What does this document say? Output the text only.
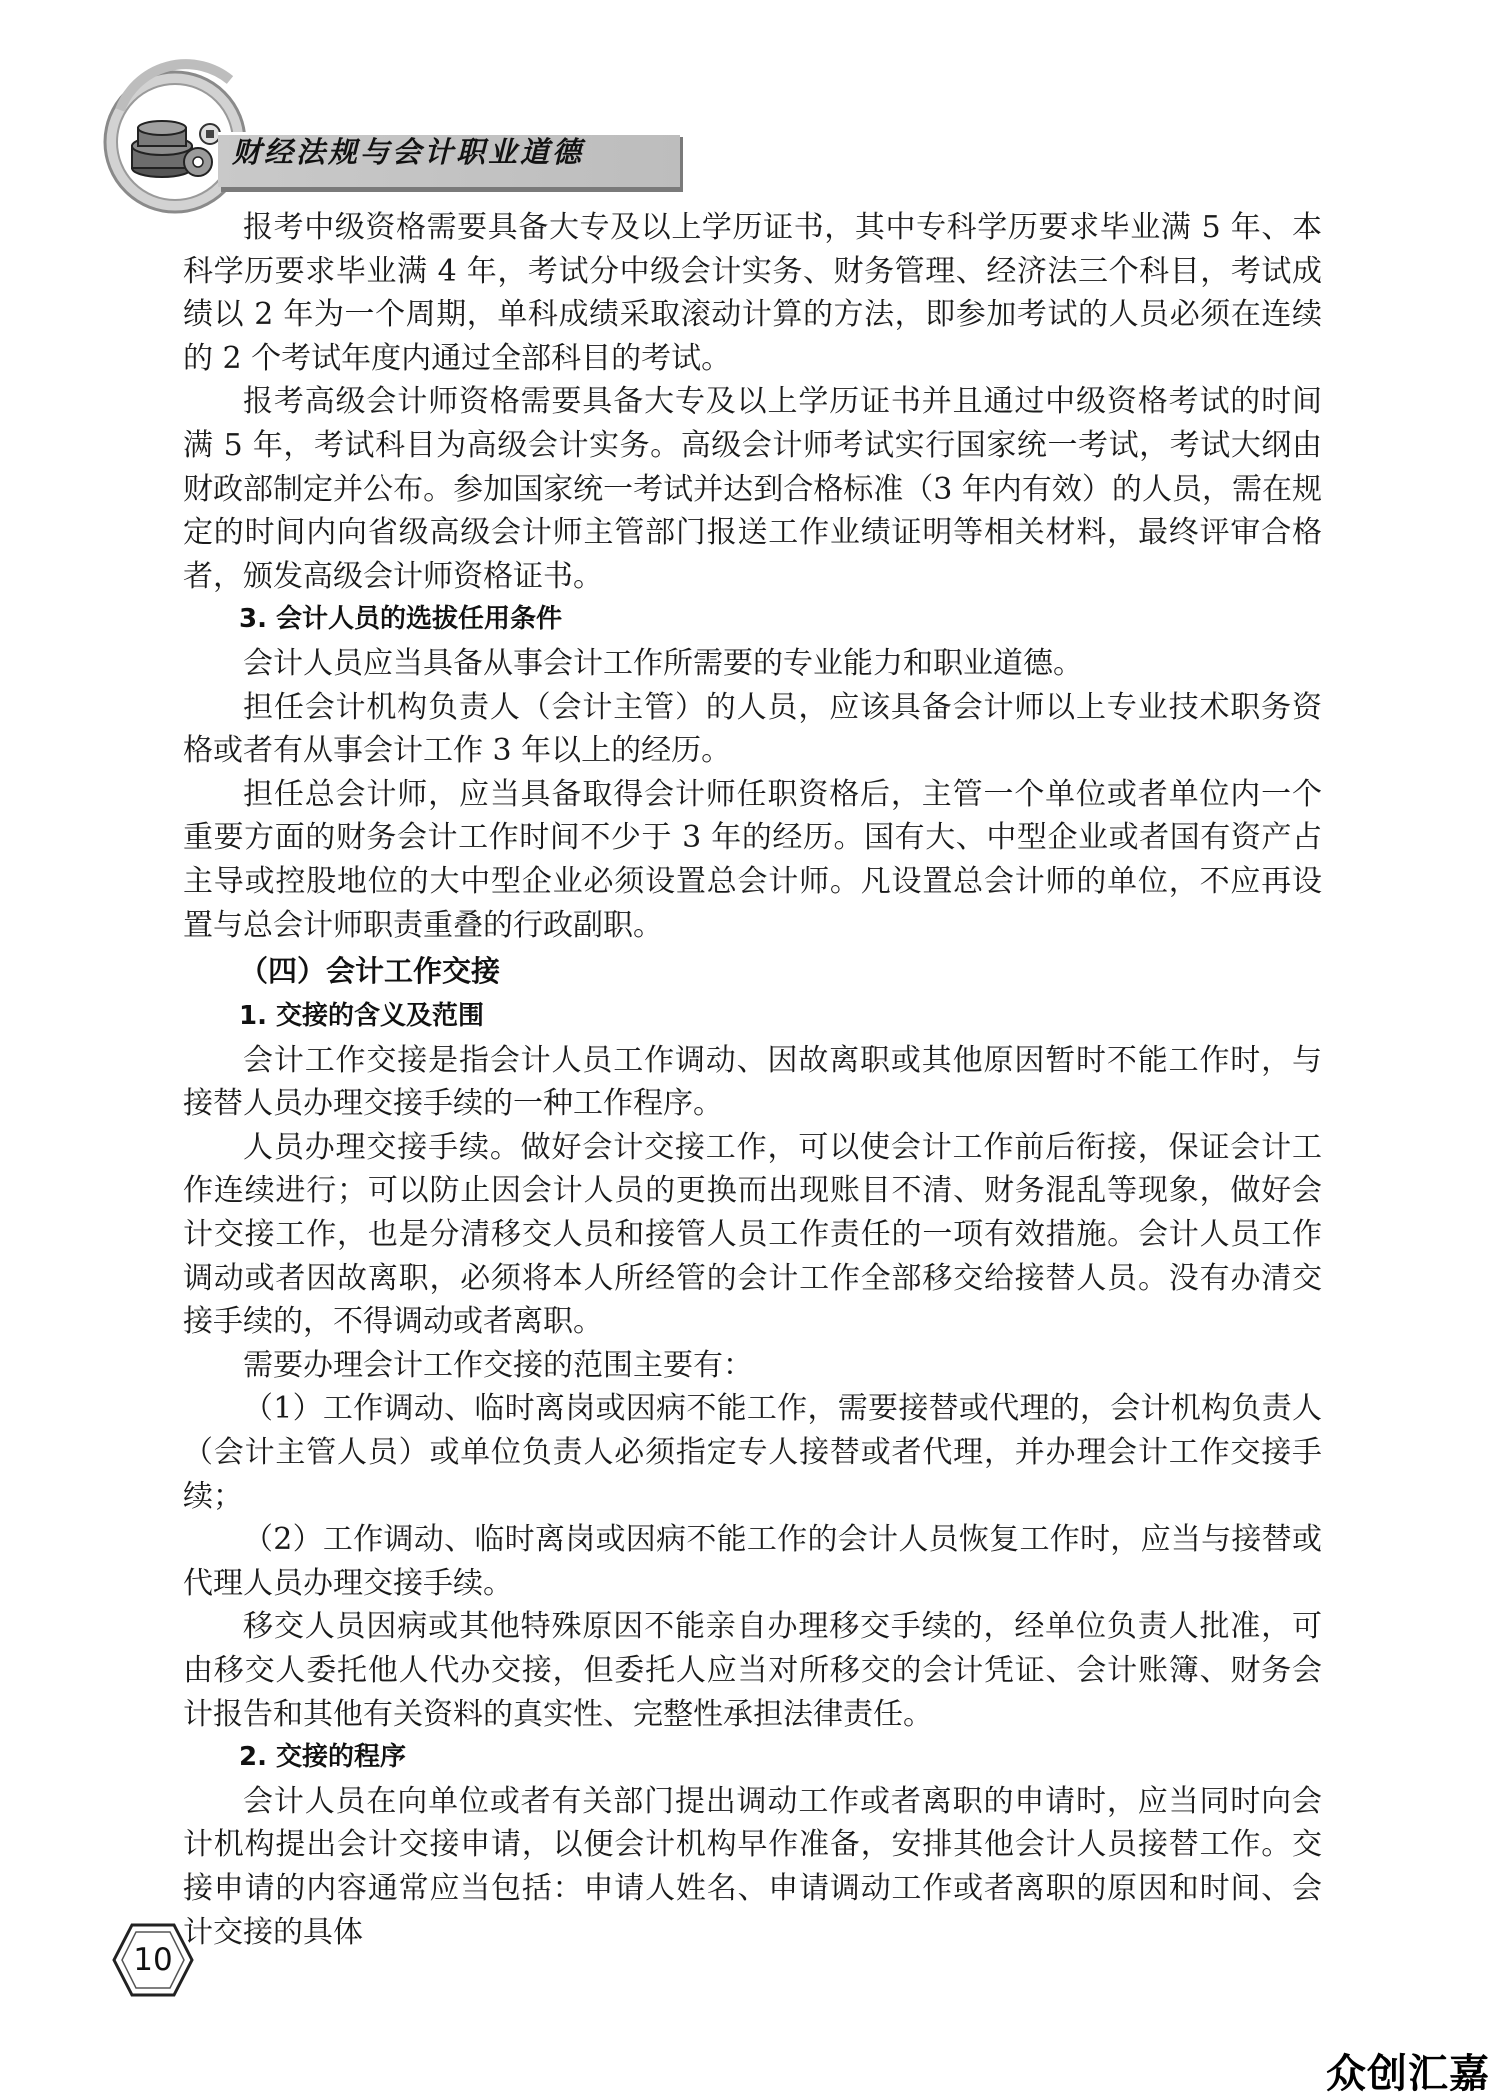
财经法规与会计职业道德

报考中级资格需要具备大专及以上学历证书，其中专科学历要求毕业满 5 年、本科学历要求毕业满 4 年，考试分中级会计实务、财务管理、经济法三个科目，考试成绩以 2 年为一个周期，单科成绩采取滚动计算的方法，即参加考试的人员必须在连续的 2 个考试年度内通过全部科目的考试。

报考高级会计师资格需要具备大专及以上学历证书并且通过中级资格考试的时间满 5 年，考试科目为高级会计实务。高级会计师考试实行国家统一考试，考试大纲由财政部制定并公布。参加国家统一考试并达到合格标准（3 年内有效）的人员，需在规定的时间内向省级高级会计师主管部门报送工作业绩证明等相关材料，最终评审合格者，颁发高级会计师资格证书。

3. 会计人员的选拔任用条件

会计人员应当具备从事会计工作所需要的专业能力和职业道德。

担任会计机构负责人（会计主管）的人员，应该具备会计师以上专业技术职务资格或者有从事会计工作 3 年以上的经历。

担任总会计师，应当具备取得会计师任职资格后，主管一个单位或者单位内一个重要方面的财务会计工作时间不少于 3 年的经历。国有大、中型企业或者国有资产占主导或控股地位的大中型企业必须设置总会计师。凡设置总会计师的单位，不应再设置与总会计师职责重叠的行政副职。

（四）会计工作交接

1. 交接的含义及范围

会计工作交接是指会计人员工作调动、因故离职或其他原因暂时不能工作时，与接替人员办理交接手续的一种工作程序。

人员办理交接手续。做好会计交接工作，可以使会计工作前后衔接，保证会计工作连续进行；可以防止因会计人员的更换而出现账目不清、财务混乱等现象，做好会计交接工作，也是分清移交人员和接管人员工作责任的一项有效措施。会计人员工作调动或者因故离职，必须将本人所经管的会计工作全部移交给接替人员。没有办清交接手续的，不得调动或者离职。

需要办理会计工作交接的范围主要有：

（1）工作调动、临时离岗或因病不能工作，需要接替或代理的，会计机构负责人（会计主管人员）或单位负责人必须指定专人接替或者代理，并办理会计工作交接手续；

（2）工作调动、临时离岗或因病不能工作的会计人员恢复工作时，应当与接替或代理人员办理交接手续。

移交人员因病或其他特殊原因不能亲自办理移交手续的，经单位负责人批准，可由移交人委托他人代办交接，但委托人应当对所移交的会计凭证、会计账簿、财务会计报告和其他有关资料的真实性、完整性承担法律责任。

2. 交接的程序

会计人员在向单位或者有关部门提出调动工作或者离职的申请时，应当同时向会计机构提出会计交接申请，以便会计机构早作准备，安排其他会计人员接替工作。交接申请的内容通常应当包括：申请人姓名、申请调动工作或者离职的原因和时间、会计交接的具体

10
众创汇嘉
